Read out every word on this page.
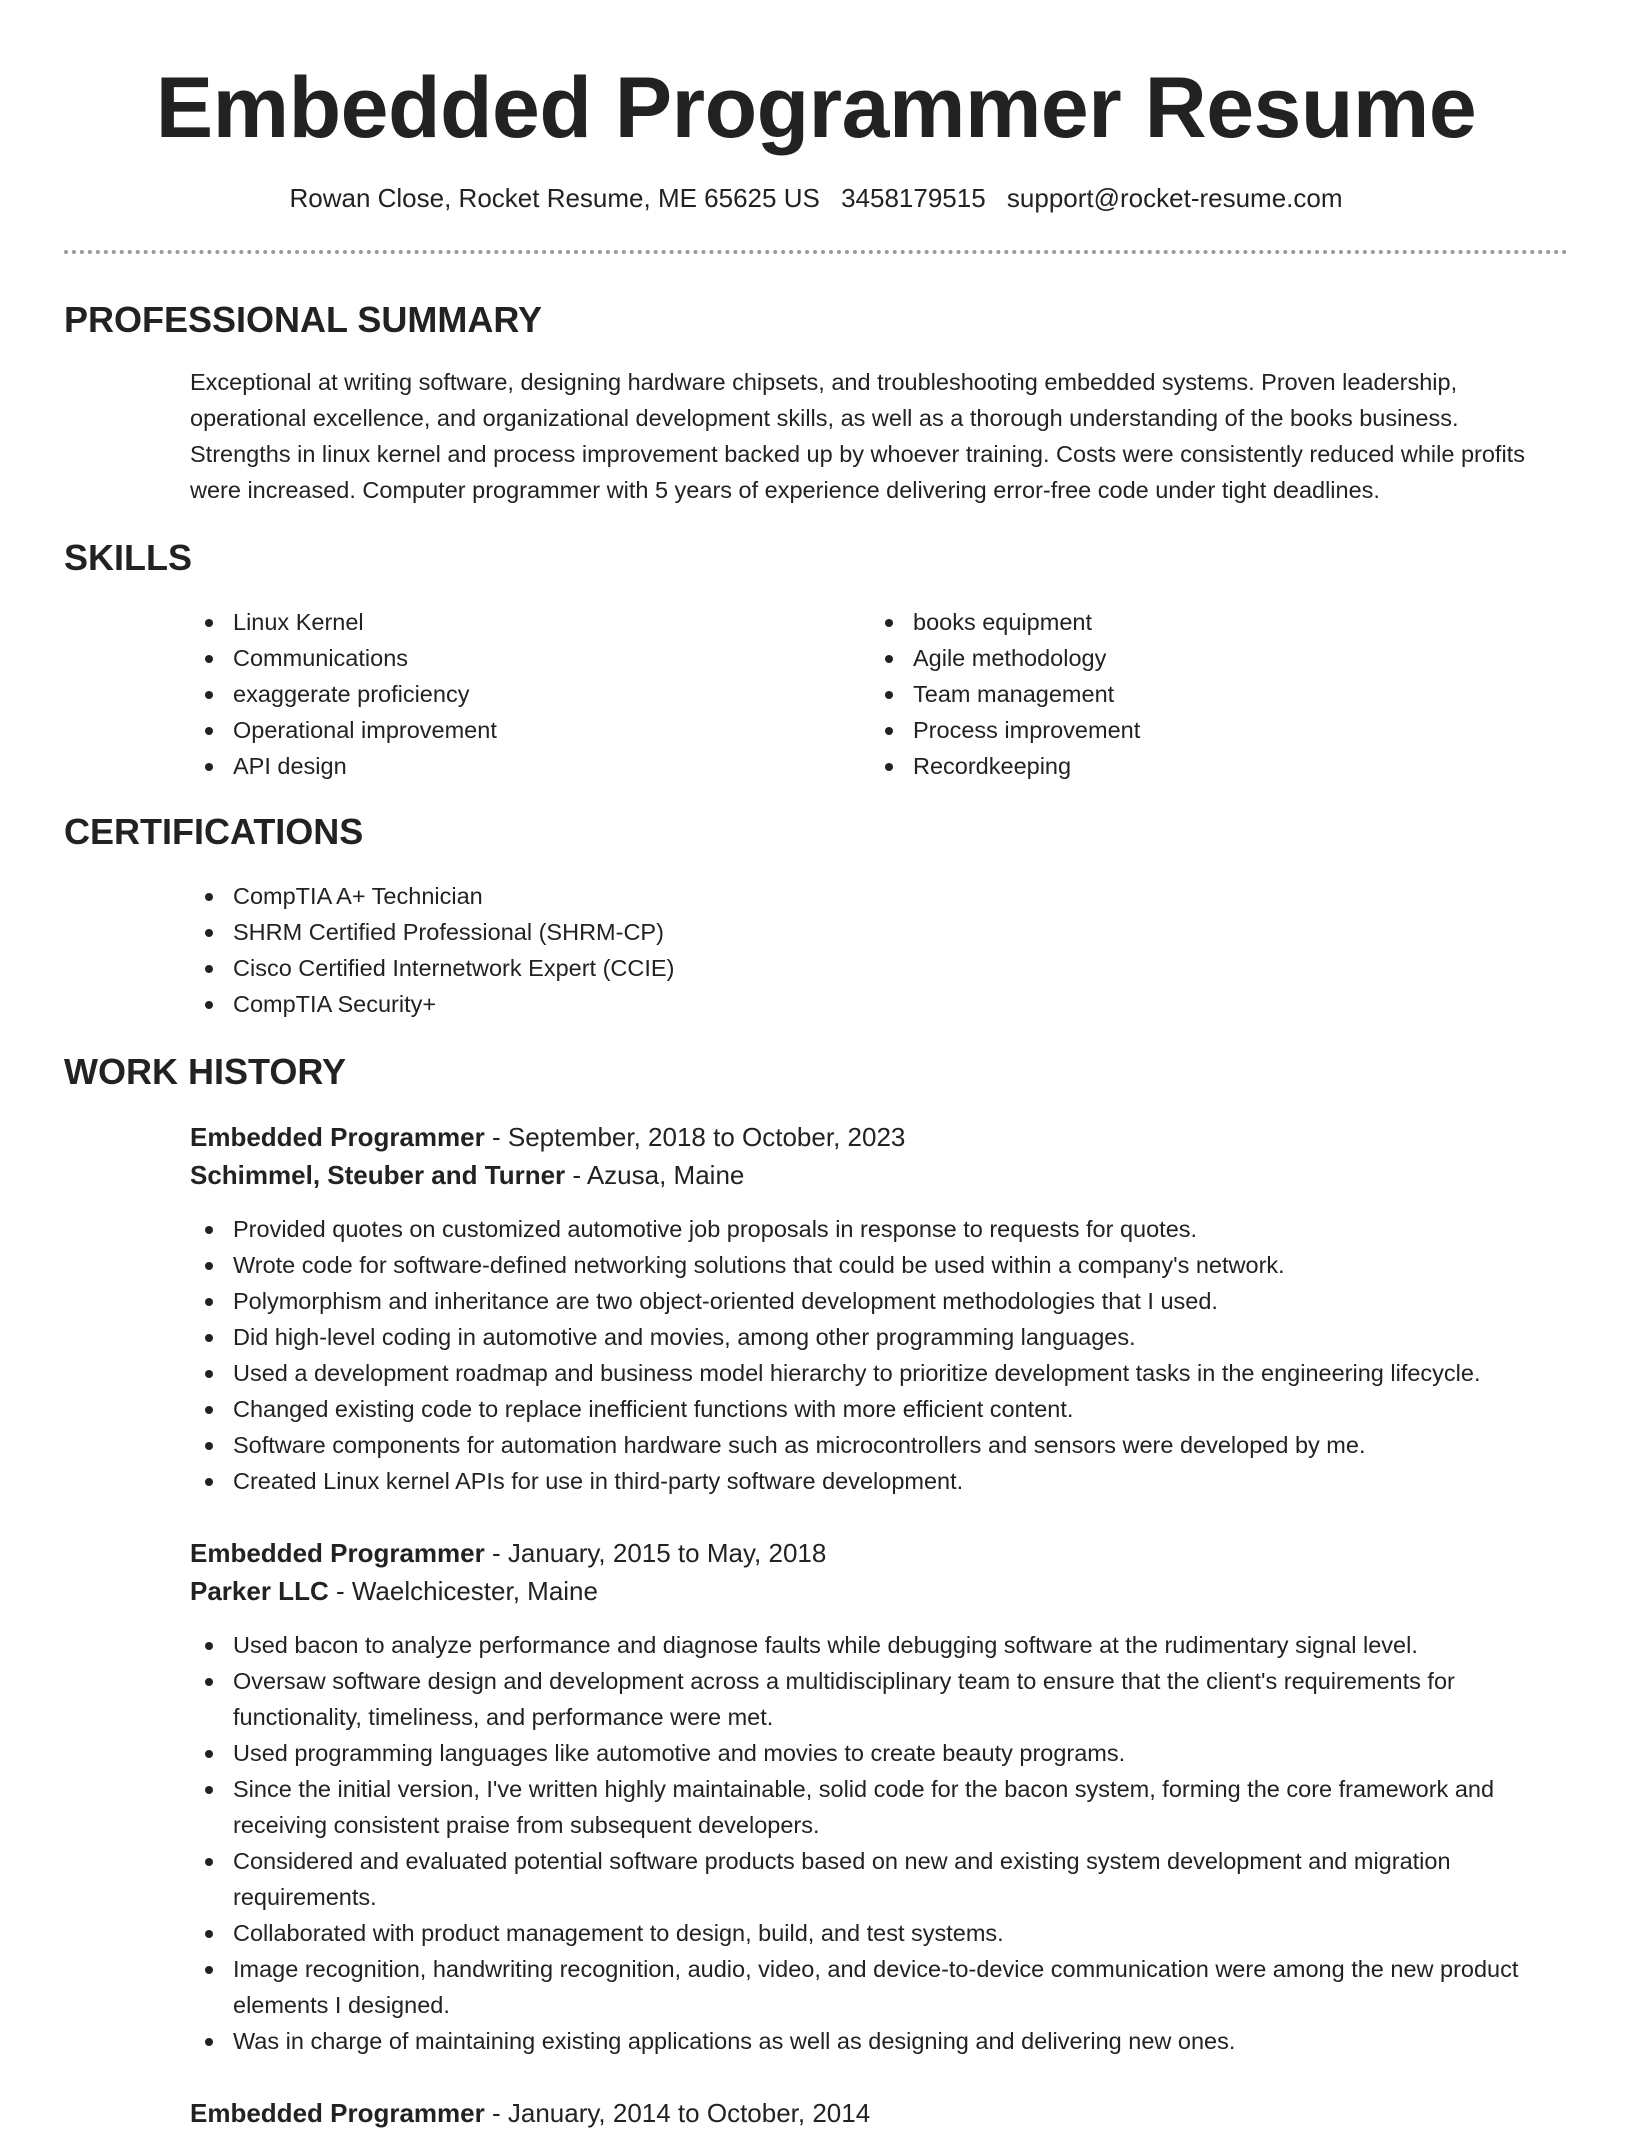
Embedded Programmer Resume
Rowan Close, Rocket Resume, ME 65625 US 3458179515 support@rocket-resume.com
PROFESSIONAL SUMMARY

Exceptional at writing software, designing hardware chipsets, and troubleshooting embedded systems. Proven leadership, operational excellence, and organizational development skills, as well as a thorough understanding of the books business. Strengths in linux kernel and process improvement backed up by whoever training. Costs were consistently reduced while profits were increased. Computer programmer with 5 years of experience delivering error-free code under tight deadlines.

SKILLS
Linux Kernel
Communications
exaggerate proficiency
Operational improvement
API design
books equipment
Agile methodology
Team management
Process improvement
Recordkeeping
CERTIFICATIONS
CompTIA A+ Technician
SHRM Certified Professional (SHRM-CP)
Cisco Certified Internetwork Expert (CCIE)
CompTIA Security+
WORK HISTORY
Embedded Programmer - September, 2018 to October, 2023
Schimmel, Steuber and Turner - Azusa, Maine
Provided quotes on customized automotive job proposals in response to requests for quotes.
Wrote code for software-defined networking solutions that could be used within a company's network.
Polymorphism and inheritance are two object-oriented development methodologies that I used.
Did high-level coding in automotive and movies, among other programming languages.
Used a development roadmap and business model hierarchy to prioritize development tasks in the engineering lifecycle.
Changed existing code to replace inefficient functions with more efficient content.
Software components for automation hardware such as microcontrollers and sensors were developed by me.
Created Linux kernel APIs for use in third-party software development.
Embedded Programmer - January, 2015 to May, 2018
Parker LLC - Waelchicester, Maine
Used bacon to analyze performance and diagnose faults while debugging software at the rudimentary signal level.
Oversaw software design and development across a multidisciplinary team to ensure that the client's requirements for functionality, timeliness, and performance were met.
Used programming languages like automotive and movies to create beauty programs.
Since the initial version, I've written highly maintainable, solid code for the bacon system, forming the core framework and receiving consistent praise from subsequent developers.
Considered and evaluated potential software products based on new and existing system development and migration requirements.
Collaborated with product management to design, build, and test systems.
Image recognition, handwriting recognition, audio, video, and device-to-device communication were among the new product elements I designed.
Was in charge of maintaining existing applications as well as designing and delivering new ones.
Embedded Programmer - January, 2014 to October, 2014
